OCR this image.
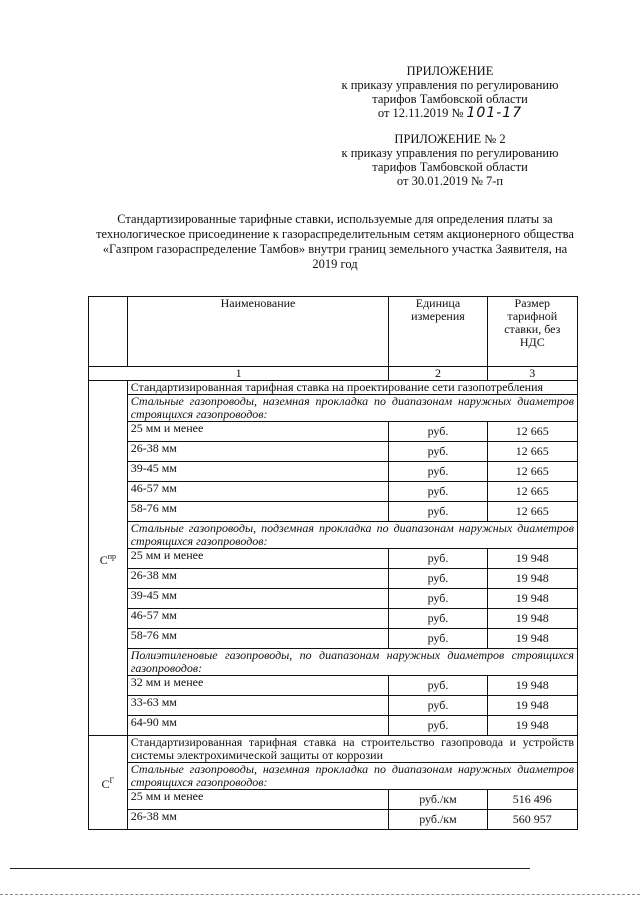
ПРИЛОЖЕНИЕ
к приказу управления по регулированию
тарифов Тамбовской области
от 12.11.2019 № 101-17
ПРИЛОЖЕНИЕ № 2
к приказу управления по регулированию
тарифов Тамбовской области
от 30.01.2019 № 7-п
Стандартизированные тарифные ставки, используемые для определения платы за технологическое присоединение к газораспределительным сетям акционерного общества «Газпром газораспределение Тамбов» внутри границ земельного участка Заявителя, на 2019 год
	Наименование	Единица измерения	Размер тарифной ставки, без НДС
1		2	3
$С^{пр}$	Стандартизированная тарифная ставка на проектирование сети газопотребления		
	Стальные газопроводы, наземная прокладка по диапазонам наружных диаметров строящихся газопроводов:		
	25 мм и менее	руб.	12 665
	26-38 мм	руб.	12 665
	39-45 мм	руб.	12 665
	46-57 мм	руб.	12 665
	58-76 мм	руб.	12 665
	Стальные газопроводы, подземная прокладка по диапазонам наружных диаметров строящихся газопроводов:		
	25 мм и менее	руб.	19 948
	26-38 мм	руб.	19 948
	39-45 мм	руб.	19 948
	46-57 мм	руб.	19 948
	58-76 мм	руб.	19 948
	Полиэтиленовые газопроводы, по диапазонам наружных диаметров строящихся газопроводов:		
	32 мм и менее	руб.	19 948
	33-63 мм	руб.	19 948
	64-90 мм	руб.	19 948
$С^Г$	Стандартизированная тарифная ставка на строительство газопровода и устройств системы электрохимической защиты от коррозии		
	Стальные газопроводы, наземная прокладка по диапазонам наружных диаметров строящихся газопроводов:		
	25 мм и менее	руб./км	516 496
	26-38 мм	руб./км	560 957
